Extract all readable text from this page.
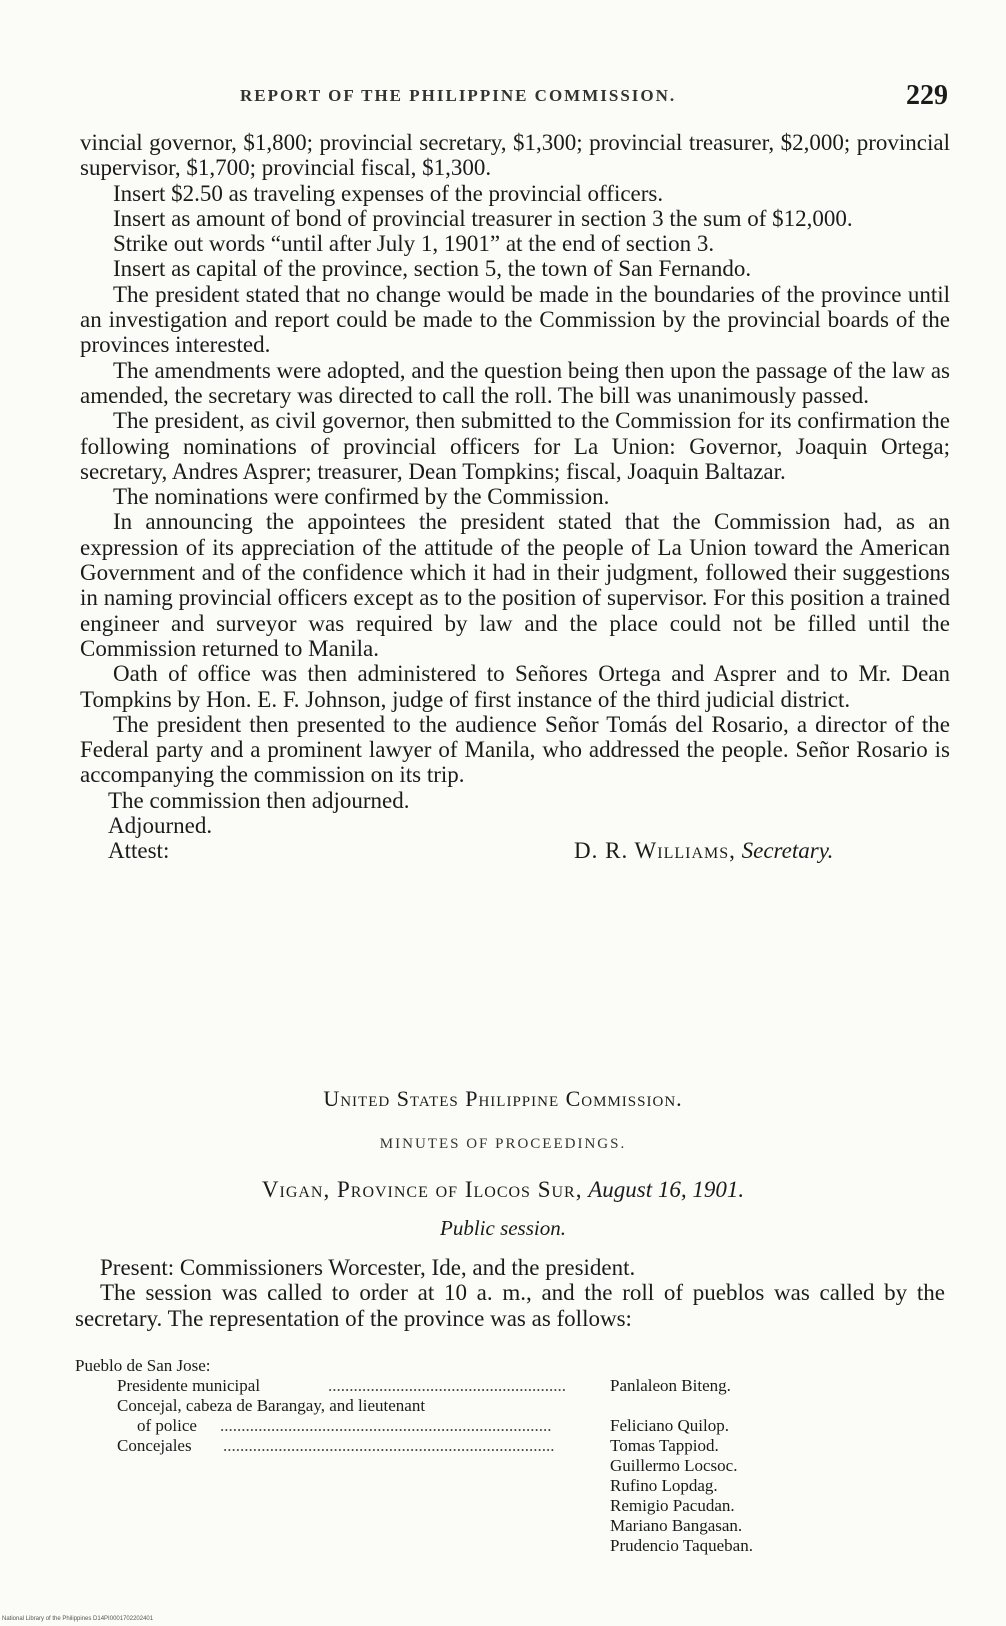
REPORT OF THE PHILIPPINE COMMISSION.	229

vincial governor, $1,800; provincial secretary, $1,300; provincial treasurer, $2,000; provincial supervisor, $1,700; provincial fiscal, $1,300.

Insert $2.50 as traveling expenses of the provincial officers.

Insert as amount of bond of provincial treasurer in section 3 the sum of $12,000.

Strike out words “until after July 1, 1901” at the end of section 3.

Insert as capital of the province, section 5, the town of San Fernando.

The president stated that no change would be made in the boundaries of the province until an investigation and report could be made to the Commission by the provincial boards of the provinces interested.

The amendments were adopted, and the question being then upon the passage of the law as amended, the secretary was directed to call the roll. The bill was unanimously passed.

The president, as civil governor, then submitted to the Commission for its confirmation the following nominations of provincial officers for La Union: Governor, Joaquin Ortega; secretary, Andres Asprer; treasurer, Dean Tompkins; fiscal, Joaquin Baltazar.

The nominations were confirmed by the Commission.

In announcing the appointees the president stated that the Commission had, as an expression of its appreciation of the attitude of the people of La Union toward the American Government and of the confidence which it had in their judgment, followed their suggestions in naming provincial officers except as to the position of supervisor. For this position a trained engineer and surveyor was required by law and the place could not be filled until the Commission returned to Manila.

Oath of office was then administered to Señores Ortega and Asprer and to Mr. Dean Tompkins by Hon. E. F. Johnson, judge of first instance of the third judicial district.

The president then presented to the audience Señor Tomás del Rosario, a director of the Federal party and a prominent lawyer of Manila, who addressed the people. Señor Rosario is accompanying the commission on its trip.

The commission then adjourned.

Adjourned.

Attest:	D. R. Williams, Secretary.
United States Philippine Commission.
MINUTES OF PROCEEDINGS.
Vigan, Province of Ilocos Sur, August 16, 1901.
Public session.

Present: Commissioners Worcester, Ide, and the president.

The session was called to order at 10 a. m., and the roll of pueblos was called by the secretary. The representation of the province was as follows:

Pueblo de San Jose:

Presidente municipal	........................................................	Panlaleon Biteng.
Concejal, cabeza de Barangay, and lieutenant
of police ..............................................................................	Feliciano Quilop.
Concejales ..............................................................................	Tomas Tappiod.
Guillermo Locsoc.
Rufino Lopdag.
Remigio Pacudan.
Mariano Bangasan.
Prudencio Taqueban.
National Library of the Philippines D14PI0001702202401
